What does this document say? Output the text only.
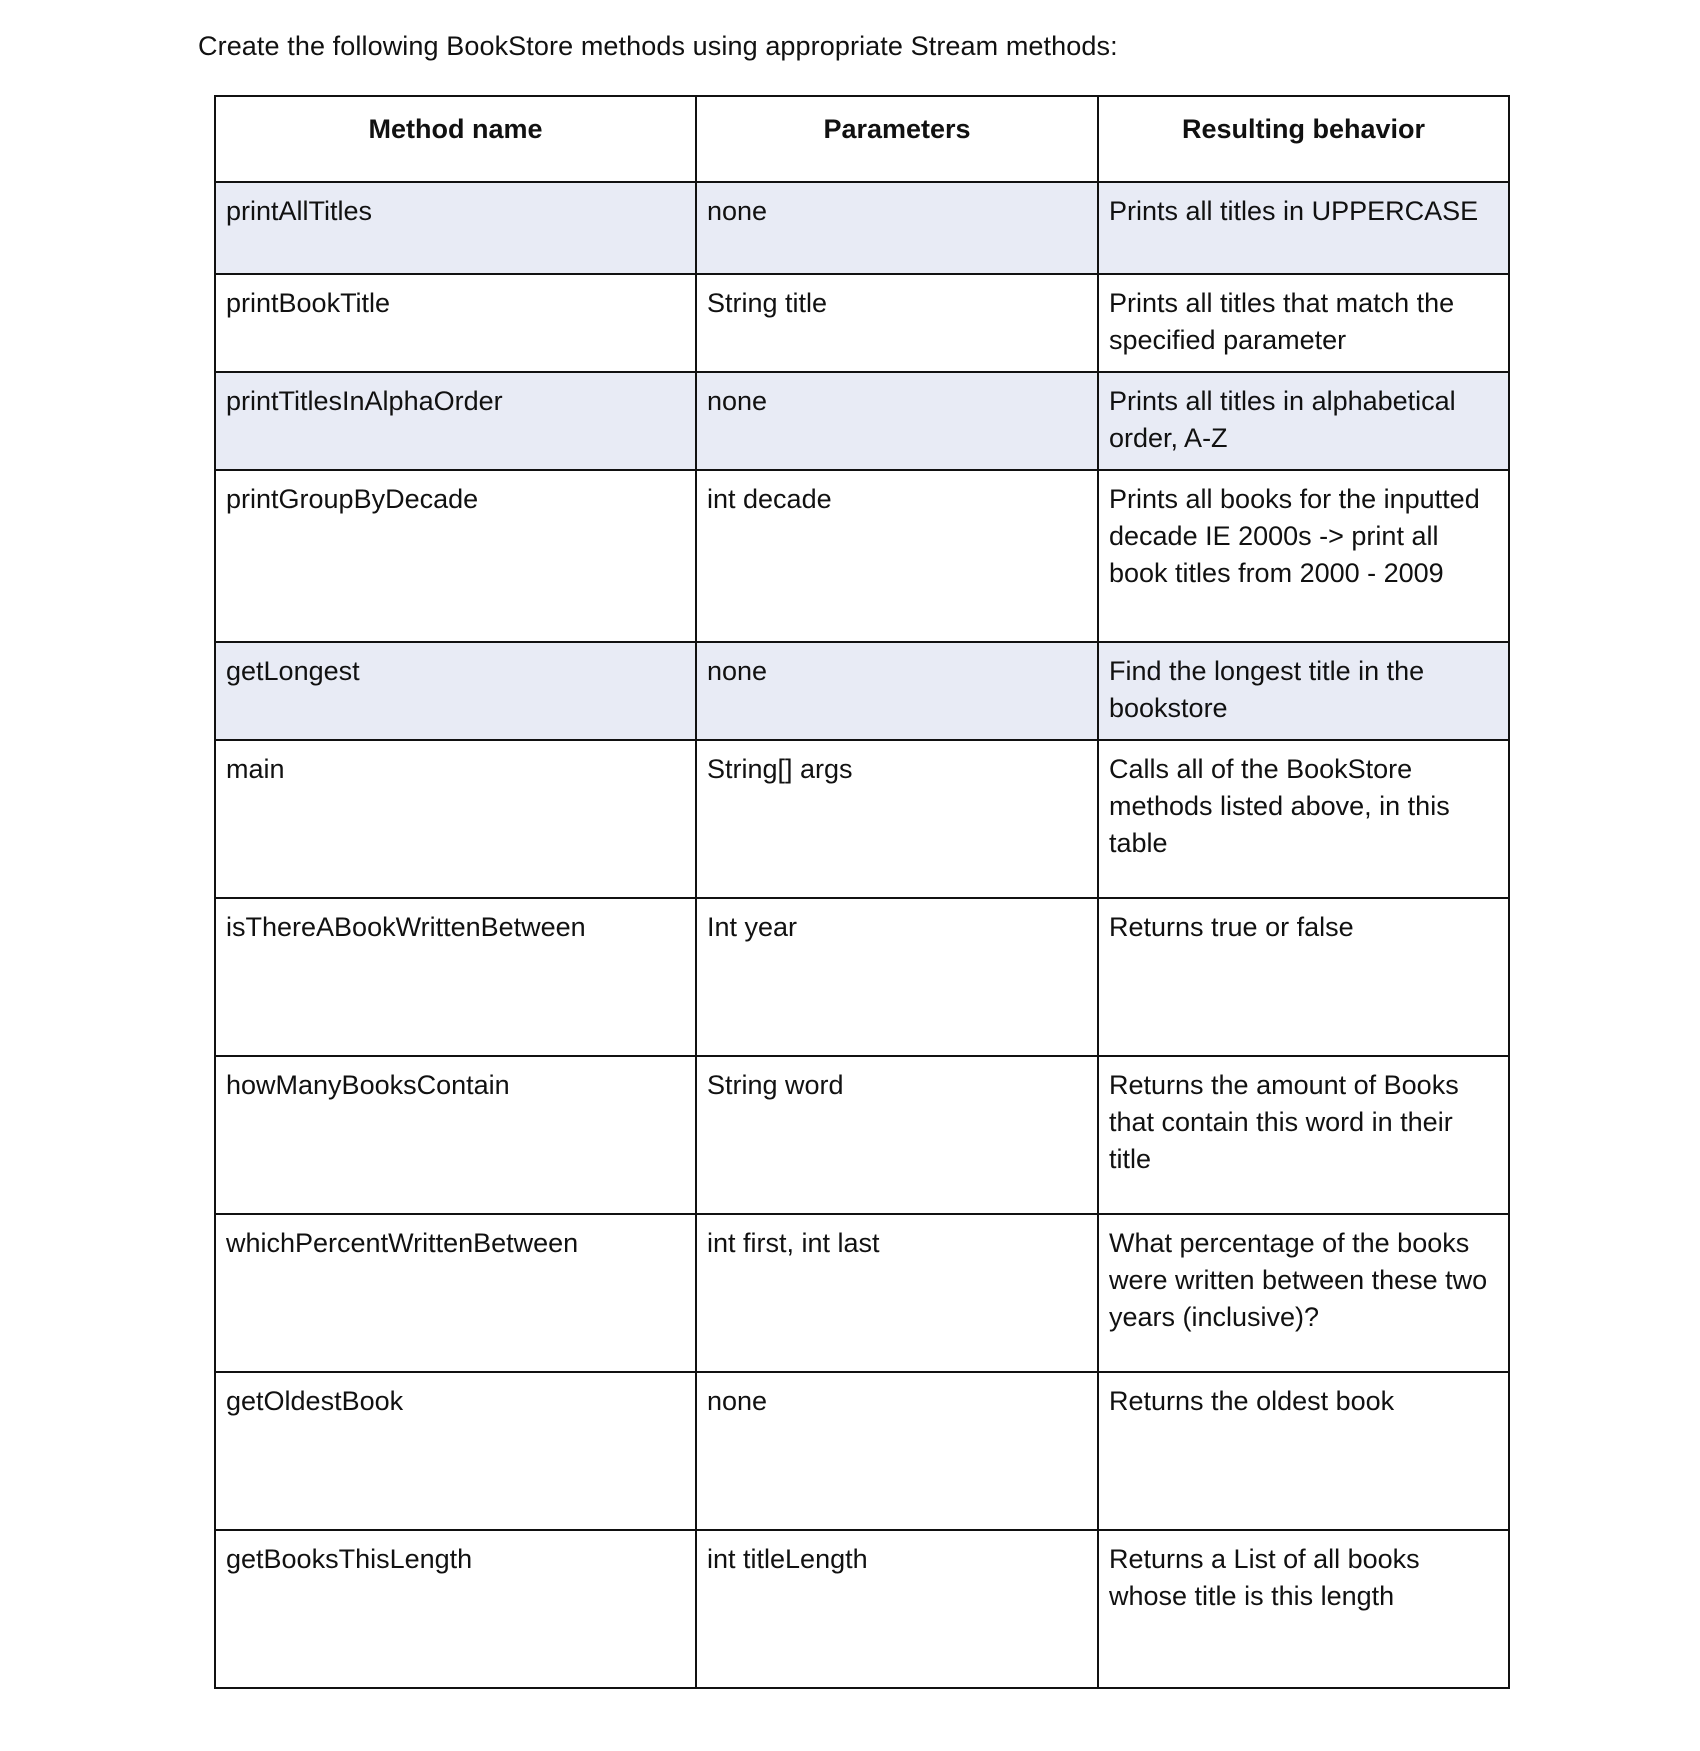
Create the following BookStore methods using appropriate Stream methods:
Method name	Parameters	Resulting behavior
printAllTitles	none	Prints all titles in UPPERCASE
printBookTitle	String title	Prints all titles that match the specified parameter
printTitlesInAlphaOrder	none	Prints all titles in alphabetical order, A-Z
printGroupByDecade	int decade	Prints all books for the inputted decade IE 2000s -> print all book titles from 2000 - 2009
getLongest	none	Find the longest title in the bookstore
main	String[] args	Calls all of the BookStore methods listed above, in this table
isThereABookWrittenBetween	Int year	Returns true or false
howManyBooksContain	String word	Returns the amount of Books that contain this word in their title
whichPercentWrittenBetween	int first, int last	What percentage of the books were written between these two years (inclusive)?
getOldestBook	none	Returns the oldest book
getBooksThisLength	int titleLength	Returns a List of all books whose title is this length
